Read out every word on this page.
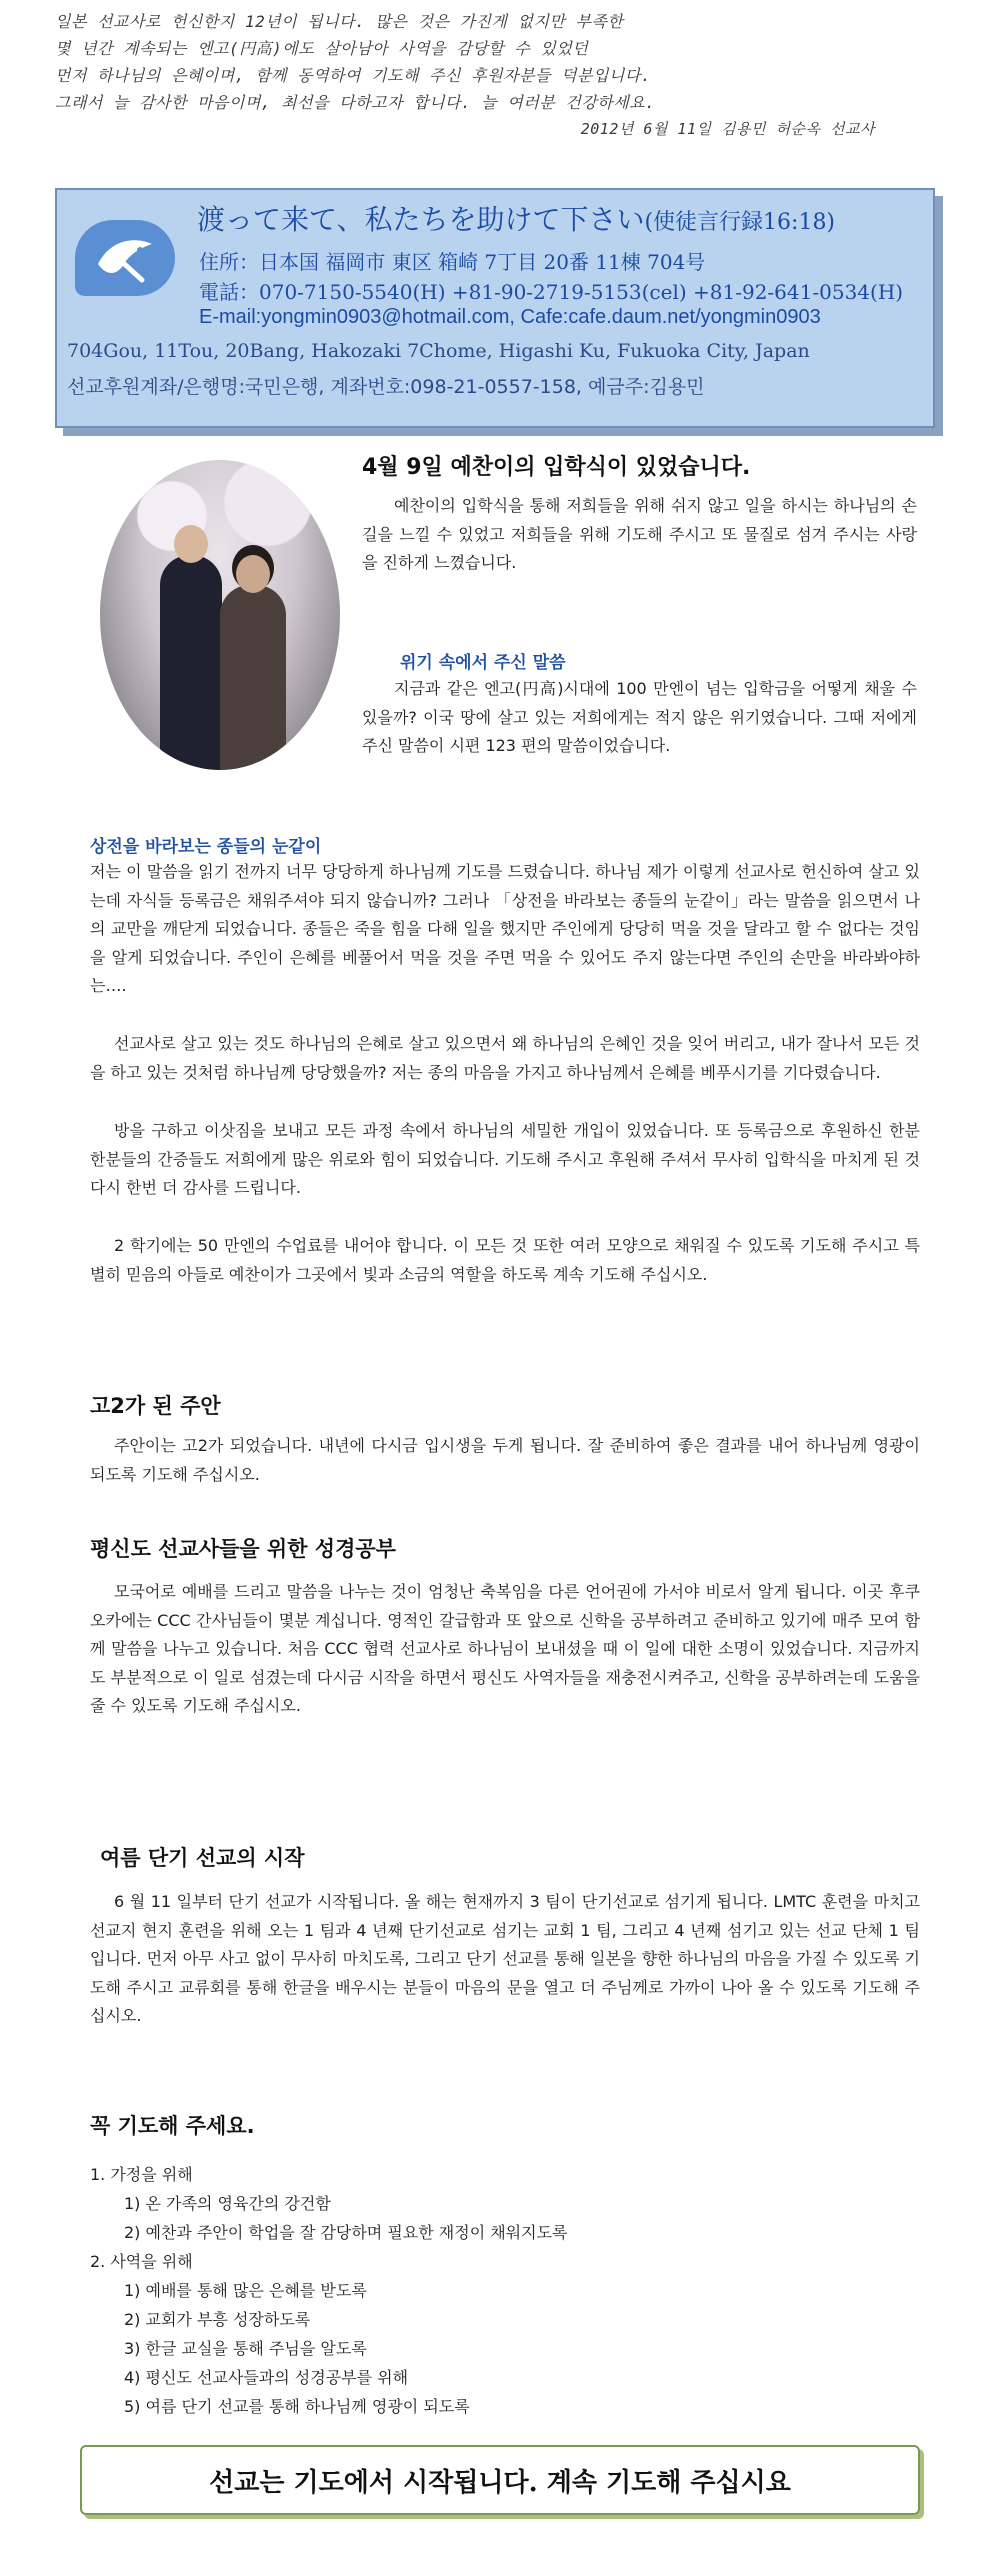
일본 선교사로 헌신한지 12년이 됩니다. 많은 것은 가진게 없지만 부족한
몇 년간 계속되는 엔고(円高)에도 살아남아 사역을 감당할 수 있었던
먼저 하나님의 은혜이며, 함께 동역하여 기도해 주신 후원자분들 덕분입니다.
그래서 늘 감사한 마음이며, 최선을 다하고자 합니다. 늘 여러분 건강하세요.
2012년 6월 11일 김용민 허순옥 선교사
渡って来て、私たちを助けて下さい(使徒言行録16:18)
住所：日本国 福岡市 東区 箱崎 7丁目 20番 11棟 704号
電話：070-7150-5540(H) +81-90-2719-5153(cel) +81-92-641-0534(H)
E-mail:yongmin0903@hotmail.com, Cafe:cafe.daum.net/yongmin0903
704Gou, 11Tou, 20Bang, Hakozaki 7Chome, Higashi Ku, Fukuoka City, Japan
선교후원계좌/은행명:국민은행, 계좌번호:098-21-0557-158, 예금주:김용민
4월 9일 예찬이의 입학식이 있었습니다.
예찬이의 입학식을 통해 저희들을 위해 쉬지 않고 일을 하시는 하나님의 손길을 느낄 수 있었고 저희들을 위해 기도해 주시고 또 물질로 섬겨 주시는 사랑을 진하게 느꼈습니다.
위기 속에서 주신 말씀
지금과 같은 엔고(円高)시대에 100 만엔이 넘는 입학금을 어떻게 채울 수 있을까? 이국 땅에 살고 있는 저희에게는 적지 않은 위기였습니다. 그때 저에게 주신 말씀이 시편 123 편의 말씀이었습니다.
상전을 바라보는 종들의 눈같이
저는 이 말씀을 읽기 전까지 너무 당당하게 하나님께 기도를 드렸습니다. 하나님 제가 이렇게 선교사로 헌신하여 살고 있는데 자식들 등록금은 채워주셔야 되지 않습니까? 그러나 「상전을 바라보는 종들의 눈같이」라는 말씀을 읽으면서 나의 교만을 깨닫게 되었습니다. 종들은 죽을 힘을 다해 일을 했지만 주인에게 당당히 먹을 것을 달라고 할 수 없다는 것임을 알게 되었습니다. 주인이 은혜를 베풀어서 먹을 것을 주면 먹을 수 있어도 주지 않는다면 주인의 손만을 바라봐야하는….
선교사로 살고 있는 것도 하나님의 은혜로 살고 있으면서 왜 하나님의 은혜인 것을 잊어 버리고, 내가 잘나서 모든 것을 하고 있는 것처럼 하나님께 당당했을까? 저는 종의 마음을 가지고 하나님께서 은혜를 베푸시기를 기다렸습니다.
방을 구하고 이삿짐을 보내고 모든 과정 속에서 하나님의 세밀한 개입이 있었습니다. 또 등록금으로 후원하신 한분 한분들의 간증들도 저희에게 많은 위로와 힘이 되었습니다. 기도해 주시고 후원해 주셔서 무사히 입학식을 마치게 된 것 다시 한번 더 감사를 드립니다.
2 학기에는 50 만엔의 수업료를 내어야 합니다. 이 모든 것 또한 여러 모양으로 채워질 수 있도록 기도해 주시고 특별히 믿음의 아들로 예찬이가 그곳에서 빛과 소금의 역할을 하도록 계속 기도해 주십시오.
고2가 된 주안
주안이는 고2가 되었습니다. 내년에 다시금 입시생을 두게 됩니다. 잘 준비하여 좋은 결과를 내어 하나님께 영광이 되도록 기도해 주십시오.
평신도 선교사들을 위한 성경공부
모국어로 예배를 드리고 말씀을 나누는 것이 엄청난 축복임을 다른 언어권에 가서야 비로서 알게 됩니다. 이곳 후쿠오카에는 CCC 간사님들이 몇분 계십니다. 영적인 갈급함과 또 앞으로 신학을 공부하려고 준비하고 있기에 매주 모여 함께 말씀을 나누고 있습니다. 처음 CCC 협력 선교사로 하나님이 보내셨을 때 이 일에 대한 소명이 있었습니다. 지금까지도 부분적으로 이 일로 섬겼는데 다시금 시작을 하면서 평신도 사역자들을 재충전시켜주고, 신학을 공부하려는데 도움을 줄 수 있도록 기도해 주십시오.
여름 단기 선교의 시작
6 월 11 일부터 단기 선교가 시작됩니다. 올 해는 현재까지 3 팀이 단기선교로 섬기게 됩니다. LMTC 훈련을 마치고 선교지 현지 훈련을 위해 오는 1 팀과 4 년째 단기선교로 섬기는 교회 1 팀, 그리고 4 년째 섬기고 있는 선교 단체 1 팀 입니다. 먼저 아무 사고 없이 무사히 마치도록, 그리고 단기 선교를 통해 일본을 향한 하나님의 마음을 가질 수 있도록 기도해 주시고 교류회를 통해 한글을 배우시는 분들이 마음의 문을 열고 더 주님께로 가까이 나아 올 수 있도록 기도해 주십시오.
꼭 기도해 주세요.
1. 가정을 위해
1) 온 가족의 영육간의 강건함
2) 예찬과 주안이 학업을 잘 감당하며 필요한 재정이 채워지도록
2. 사역을 위해
1) 예배를 통해 많은 은혜를 받도록
2) 교회가 부흥 성장하도록
3) 한글 교실을 통해 주님을 알도록
4) 평신도 선교사들과의 성경공부를 위해
5) 여름 단기 선교를 통해 하나님께 영광이 되도록
선교는 기도에서 시작됩니다. 계속 기도해 주십시요
